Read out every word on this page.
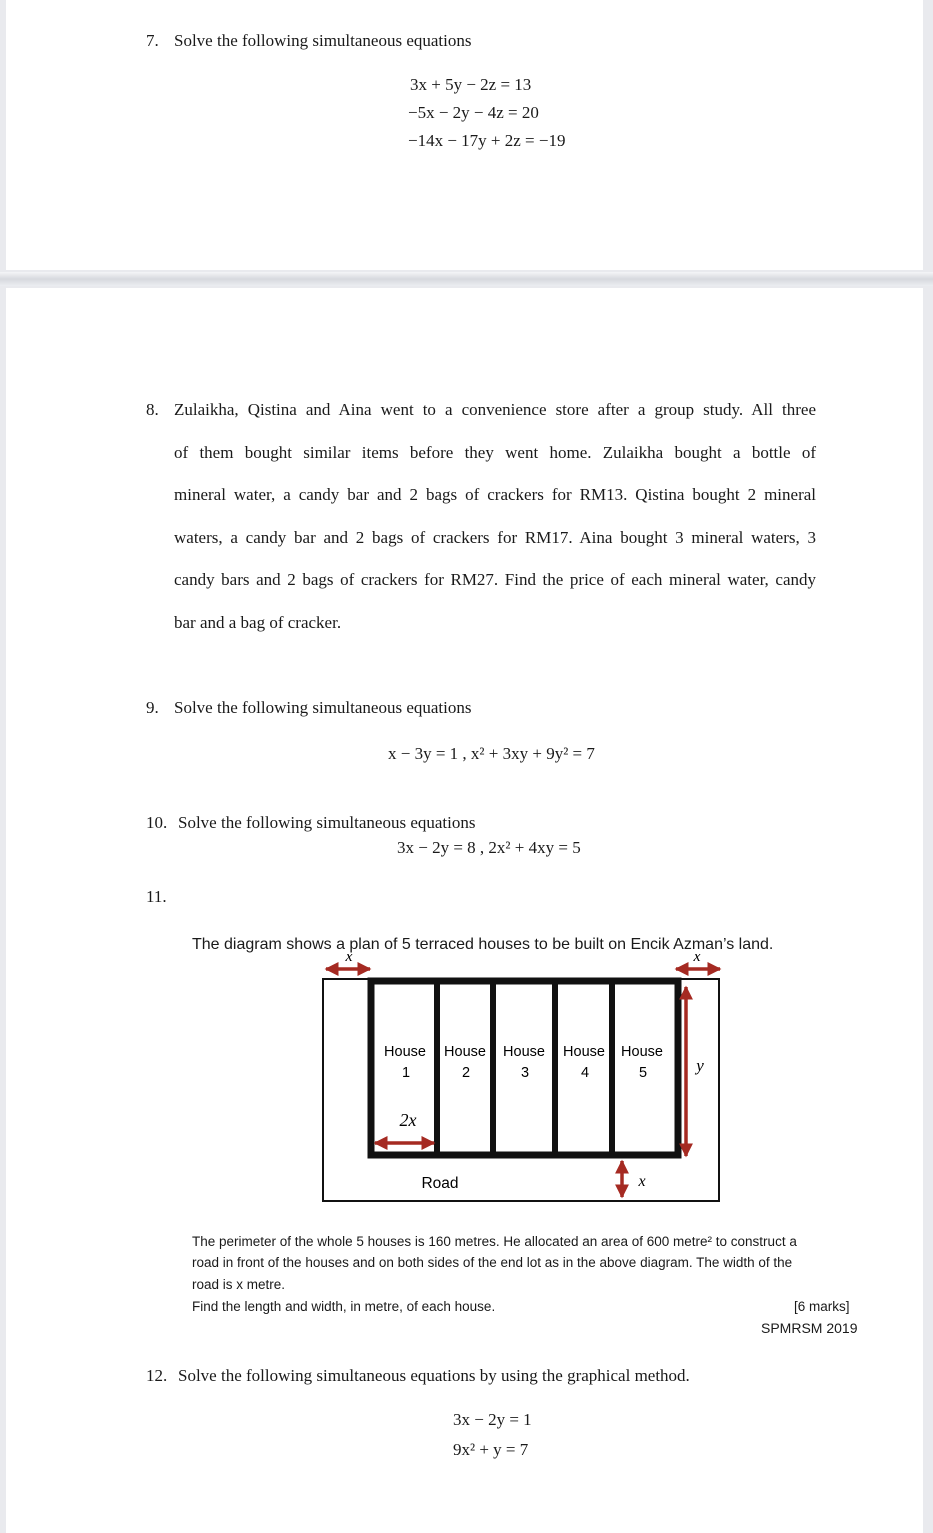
7. Solve the following simultaneous equations
3x + 5y − 2z = 13
−5x − 2y − 4z = 20
−14x − 17y + 2z = −19
8. Zulaikha, Qistina and Aina went to a convenience store after a group study. All three
of them bought similar items before they went home. Zulaikha bought a bottle of
mineral water, a candy bar and 2 bags of crackers for RM13. Qistina bought 2 mineral
waters, a candy bar and 2 bags of crackers for RM17. Aina bought 3 mineral waters, 3
candy bars and 2 bags of crackers for RM27. Find the price of each mineral water, candy
bar and a bag of cracker.
9. Solve the following simultaneous equations
x − 3y = 1 , x² + 3xy + 9y² = 7
10. Solve the following simultaneous equations
3x − 2y = 8 , 2x² + 4xy = 5
11.
The diagram shows a plan of 5 terraced houses to be built on Encik Azman’s land.
x	x
y
2x
x
Road
House
1
House
2
House
3
House
4
House
5
The perimeter of the whole 5 houses is 160 metres. He allocated an area of 600 metre² to construct a
road in front of the houses and on both sides of the end lot as in the above diagram. The width of the
road is x metre.
Find the length and width, in metre, of each house.	[6 marks]
SPMRSM 2019
12. Solve the following simultaneous equations by using the graphical method.
3x − 2y = 1
9x² + y = 7
